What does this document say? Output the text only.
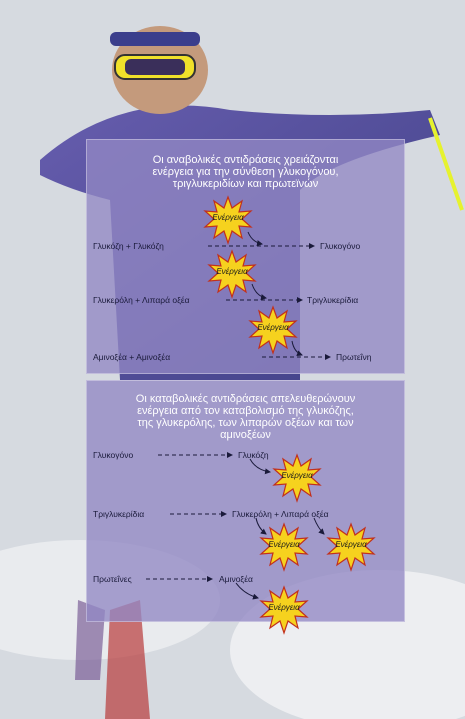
Οι αναβολικές αντιδράσεις χρειάζονται
ενέργεια για την σύνθεση γλυκογόνου,
τριγλυκεριδίων και πρωτεϊνών
Οι καταβολικές αντιδράσεις απελευθερώνουν
ενέργεια από τον καταβολισμό της γλυκόζης,
της γλυκερόλης, των λιπαρών οξέων και των
αμινοξέων
Γλυκόζη + Γλυκόζη	Γλυκογόνο
Γλυκερόλη + Λιπαρά οξέα	Τριγλυκερίδια
Αμινοξέα + Αμινοξέα	Πρωτεΐνη
Γλυκογόνο	Γλυκόζη
Τριγλυκερίδια	Γλυκερόλη + Λιπαρά οξέα
Πρωτεΐνες	Αμινοξέα
Ενέργεια
Ενέργεια
Ενέργεια
Ενέργεια
Ενέργεια	Ενέργεια
Ενέργεια
